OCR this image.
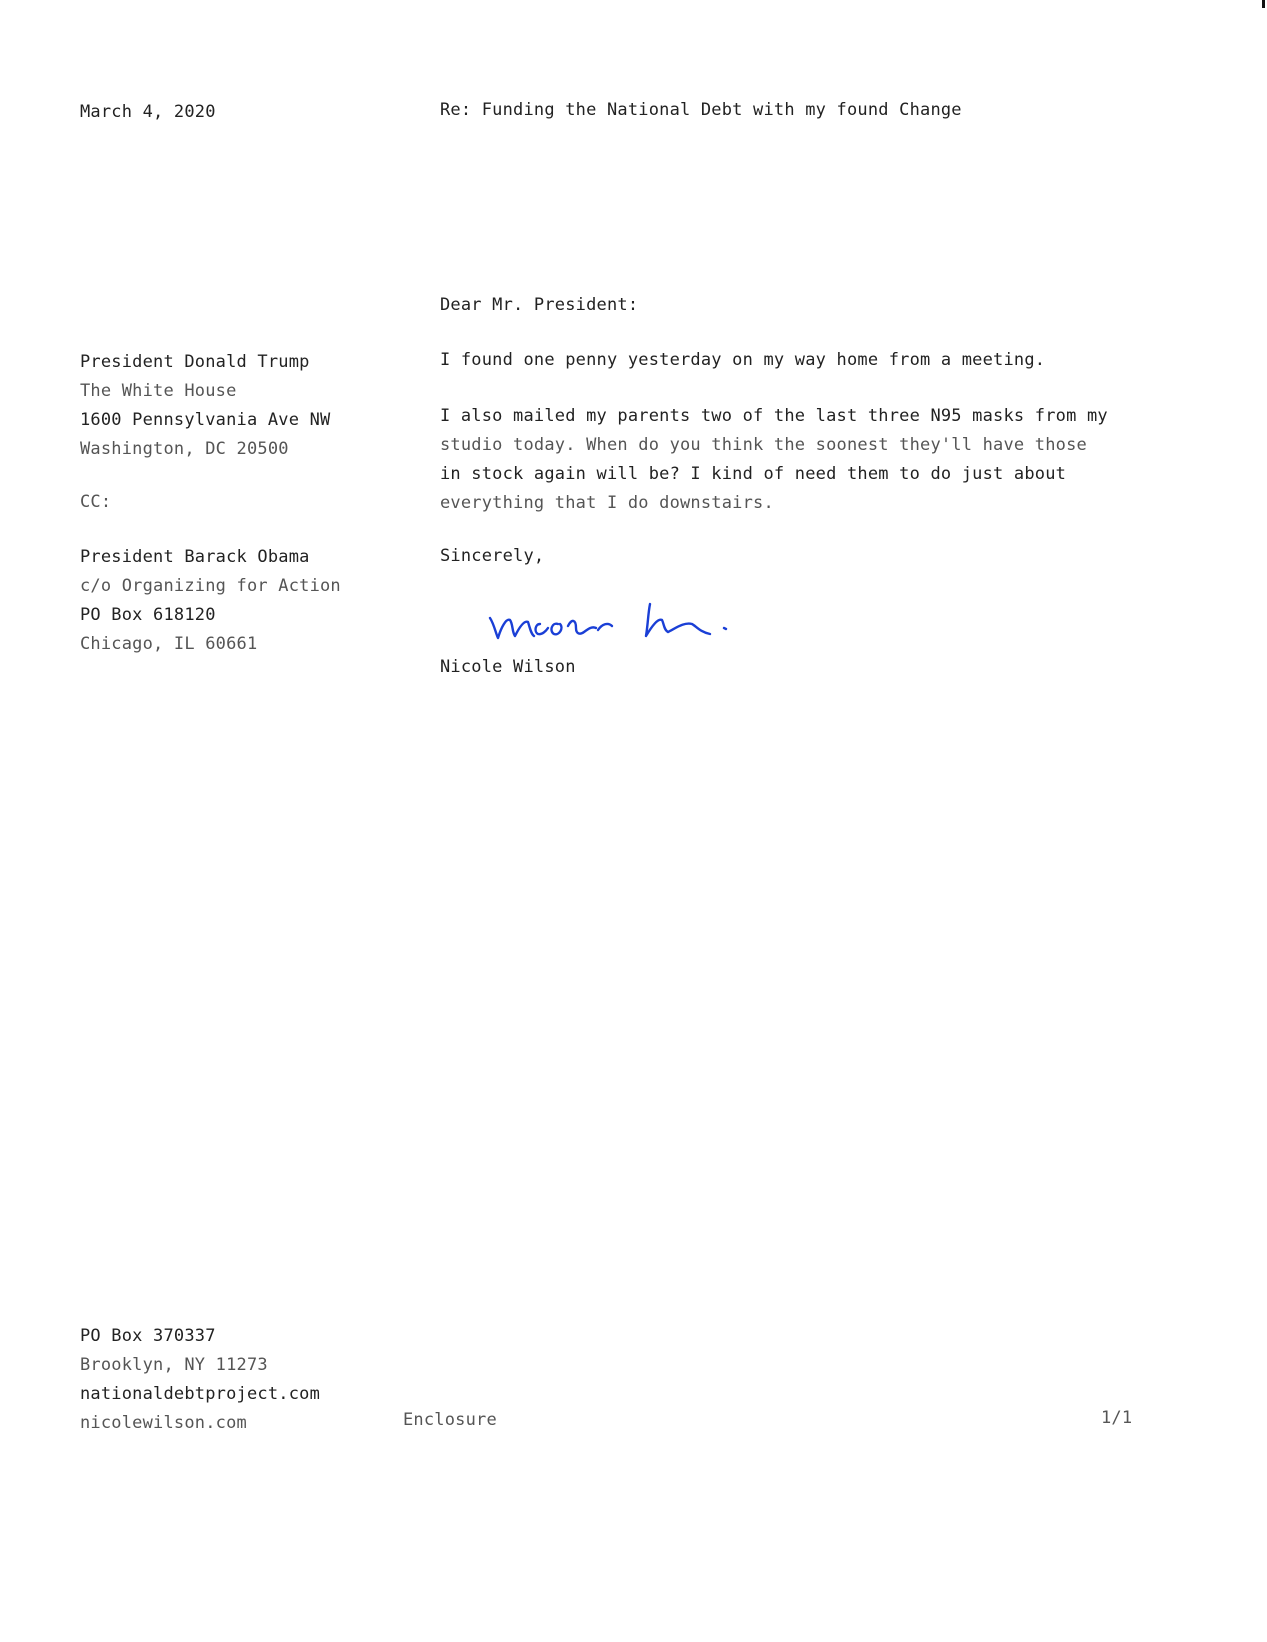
March 4, 2020	Re: Funding the National Debt with my found Change
Dear Mr. President:
President Donald Trump
The White House
1600 Pennsylvania Ave NW
Washington, DC 20500
CC:
President Barack Obama
c/o Organizing for Action
PO Box 618120
Chicago, IL 60661
I found one penny yesterday on my way home from a meeting.
I also mailed my parents two of the last three N95 masks from my
studio today. When do you think the soonest they'll have those
in stock again will be? I kind of need them to do just about
everything that I do downstairs.
Sincerely,
Nicole Wilson
PO Box 370337
Brooklyn, NY 11273
nationaldebtproject.com
nicolewilson.com	Enclosure	1/1
